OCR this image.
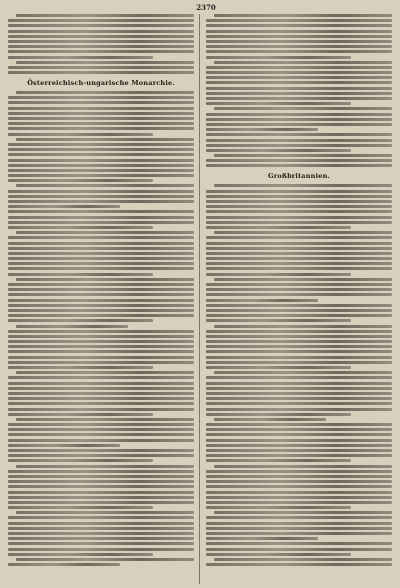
2370
Österreichisch-ungarische Monarchie.
Großbritannien.
